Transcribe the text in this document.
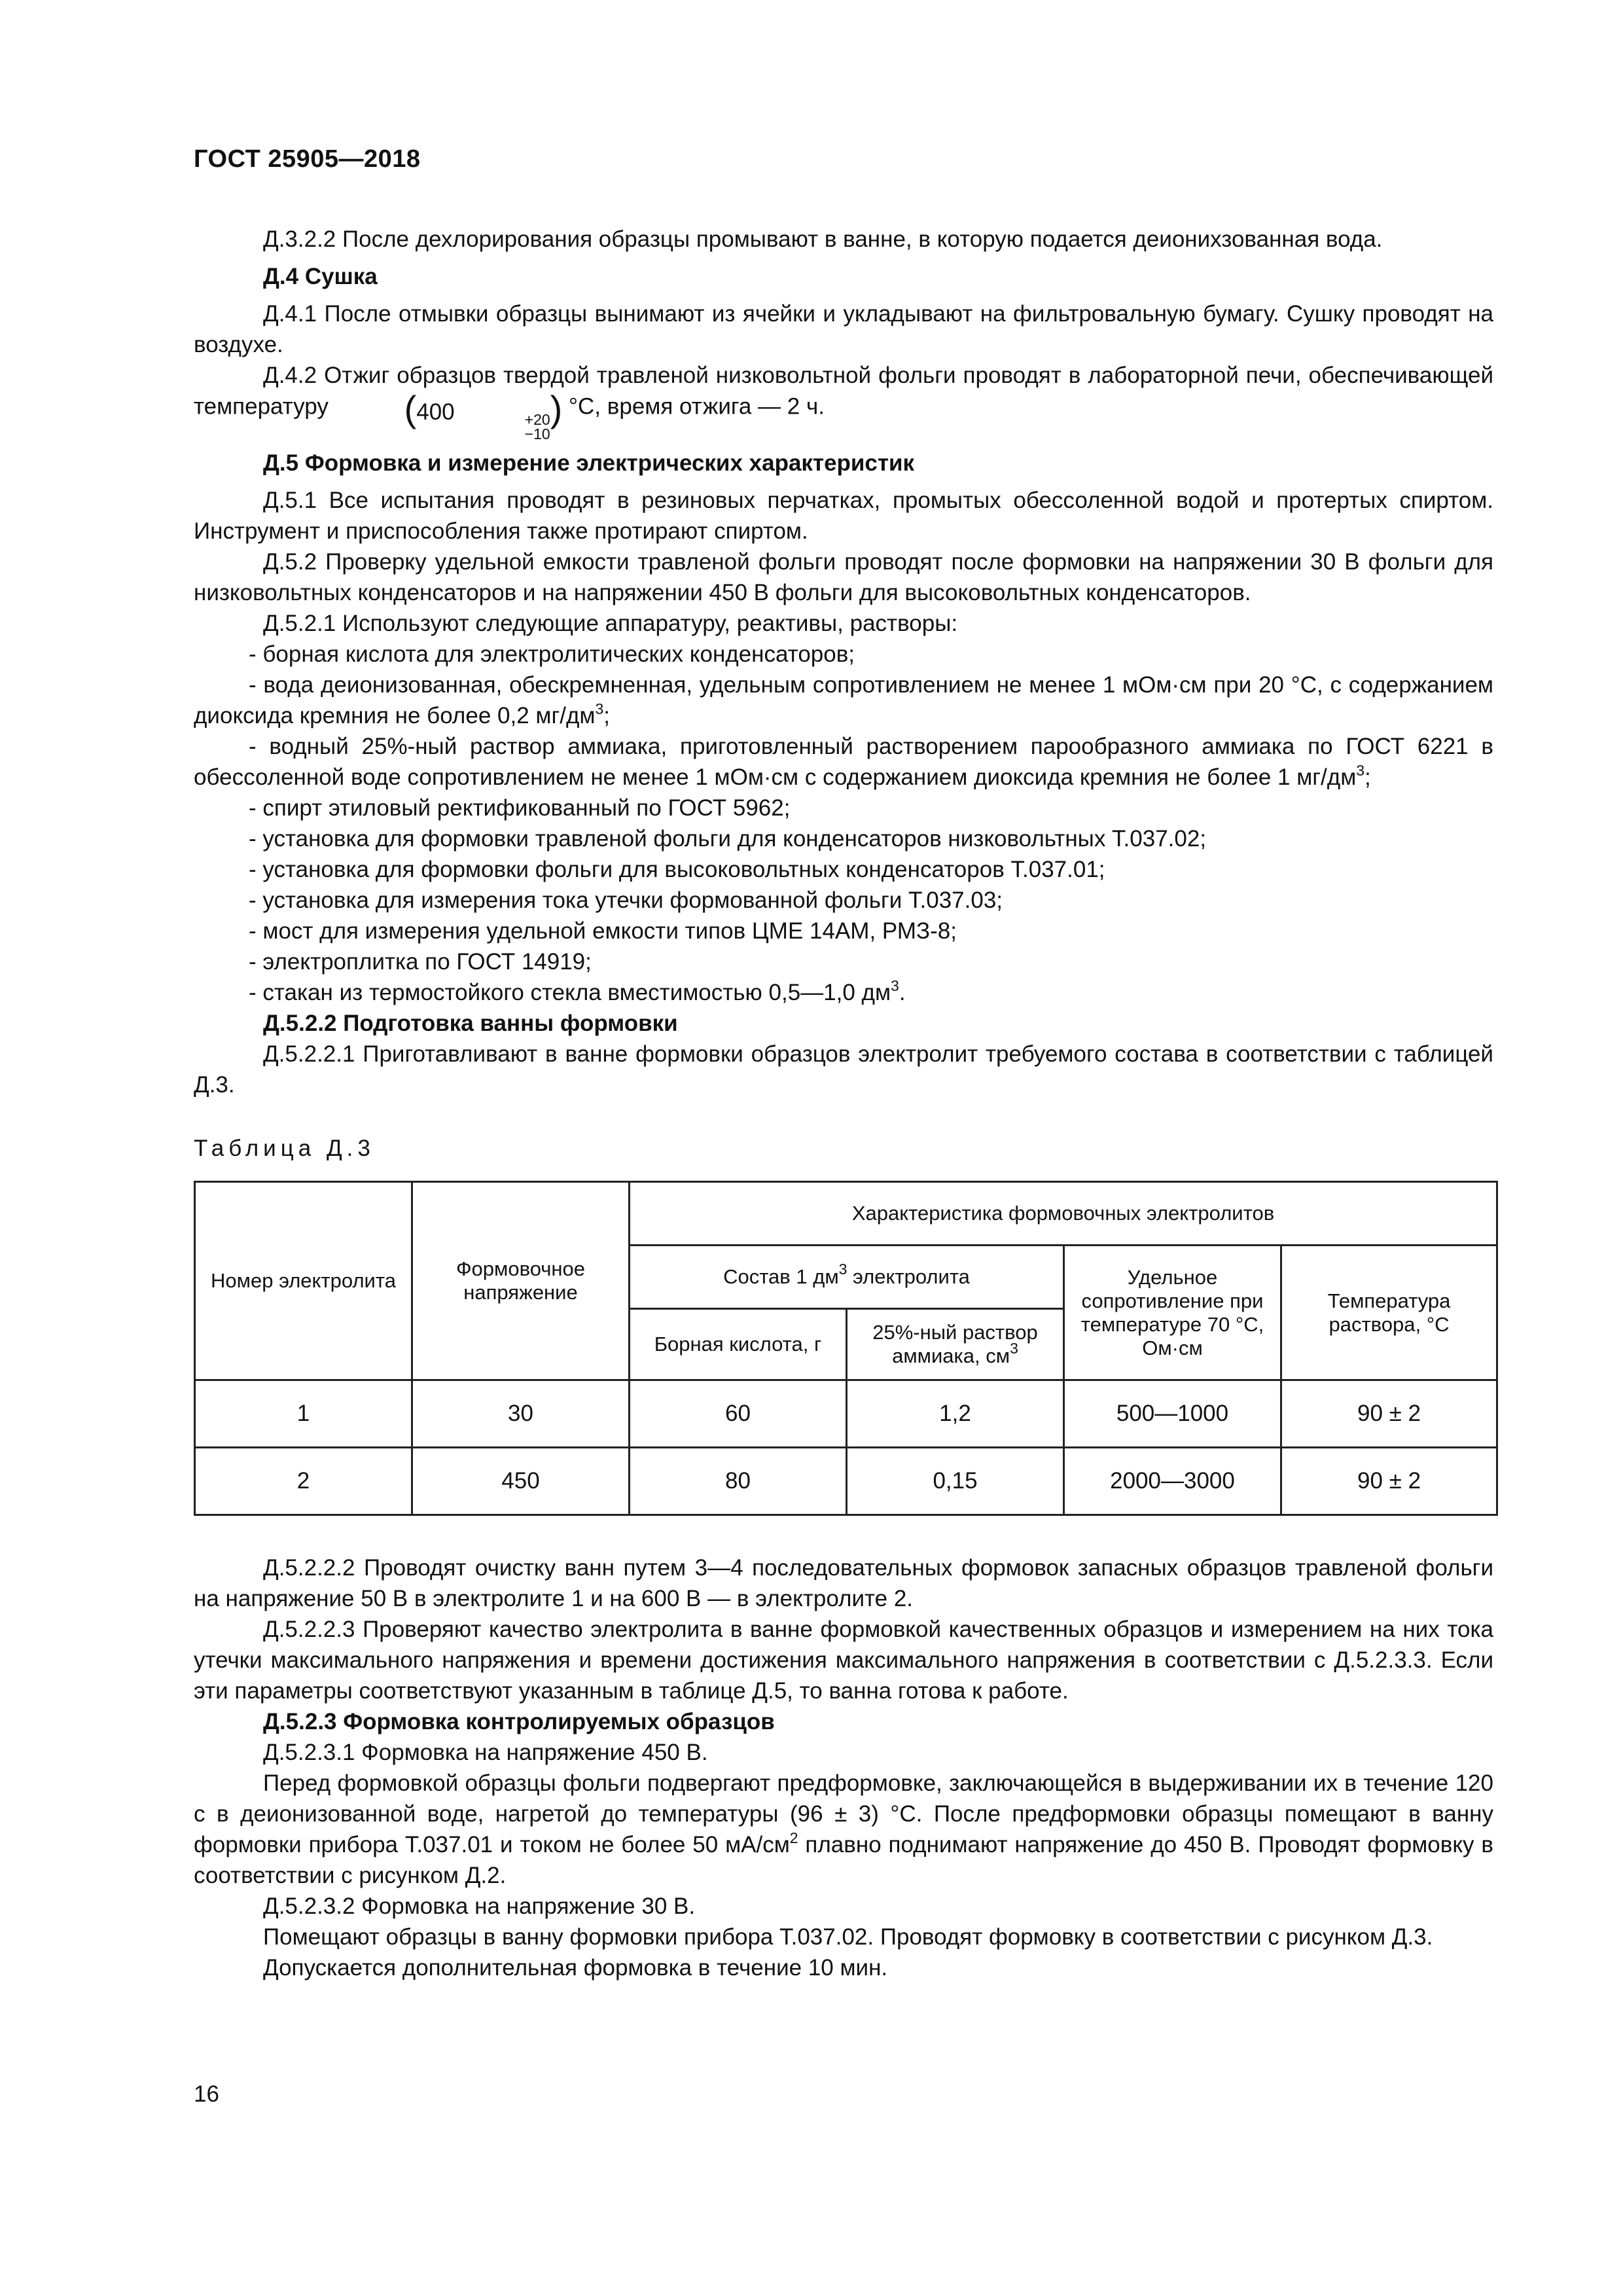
ГОСТ 25905—2018

Д.3.2.2 После дехлорирования образцы промывают в ванне, в которую подается деионихзованная вода.

Д.4 Сушка

Д.4.1 После отмывки образцы вынимают из ячейки и укладывают на фильтровальную бумагу. Сушку проводят на воздухе.

Д.4.2 Отжиг образцов твердой травленой низковольтной фольги проводят в лабораторной печи, обеспечивающей температуру (400	+20
−10
) °С, время отжига — 2 ч.

Д.5 Формовка и измерение электрических характеристик

Д.5.1 Все испытания проводят в резиновых перчатках, промытых обессоленной водой и протертых спиртом. Инструмент и приспособления также протирают спиртом.

Д.5.2 Проверку удельной емкости травленой фольги проводят после формовки на напряжении 30 В фольги для низковольтных конденсаторов и на напряжении 450 В фольги для высоковольтных конденсаторов.

Д.5.2.1 Используют следующие аппаратуру, реактивы, растворы:

- борная кислота для электролитических конденсаторов;

- вода деионизованная, обескремненная, удельным сопротивлением не менее 1 мОм·см при 20 °С, с содержанием диоксида кремния не более 0,2 $мг/дм^3$;

- водный 25%-ный раствор аммиака, приготовленный растворением парообразного аммиака по ГОСТ 6221 в обессоленной воде сопротивлением не менее 1 мОм·см с содержанием диоксида кремния не более 1 $мг/дм^3$;

- спирт этиловый ректификованный по ГОСТ 5962;

- установка для формовки травленой фольги для конденсаторов низковольтных Т.037.02;

- установка для формовки фольги для высоковольтных конденсаторов Т.037.01;

- установка для измерения тока утечки формованной фольги Т.037.03;

- мост для измерения удельной емкости типов ЦМЕ 14АМ, РМЗ-8;

- электроплитка по ГОСТ 14919;

- стакан из термостойкого стекла вместимостью 0,5—1,0 $дм^3$.

Д.5.2.2 Подготовка ванны формовки

Д.5.2.2.1 Приготавливают в ванне формовки образцов электролит требуемого состава в соответствии с таблицей Д.3.

Таблица Д.3
Номер электролита	Формовочное напряжение	Характеристика формовочных электролитов			
		Состав 1 $дм^3$ электролита		Удельное сопротивление при температуре 70 °С, Ом·см	Температура раствора, °С
		Борная кислота, г	25%-ный раствор аммиака, $см^3$
1	30	60	1,2	500—1000	90 ± 2
2	450	80	0,15	2000—3000	90 ± 2

Д.5.2.2.2 Проводят очистку ванн путем 3—4 последовательных формовок запасных образцов травленой фольги на напряжение 50 В в электролите 1 и на 600 В — в электролите 2.

Д.5.2.2.3 Проверяют качество электролита в ванне формовкой качественных образцов и измерением на них тока утечки максимального напряжения и времени достижения максимального напряжения в соответствии с Д.5.2.3.3. Если эти параметры соответствуют указанным в таблице Д.5, то ванна готова к работе.

Д.5.2.3 Формовка контролируемых образцов

Д.5.2.3.1 Формовка на напряжение 450 В.

Перед формовкой образцы фольги подвергают предформовке, заключающейся в выдерживании их в течение 120 с в деионизованной воде, нагретой до температуры (96 ± 3) °С. После предформовки образцы помещают в ванну формовки прибора Т.037.01 и током не более 50 $мА/см^2$ плавно поднимают напряжение до 450 В. Проводят формовку в соответствии с рисунком Д.2.

Д.5.2.3.2 Формовка на напряжение 30 В.

Помещают образцы в ванну формовки прибора Т.037.02. Проводят формовку в соответствии с рисунком Д.3.

Допускается дополнительная формовка в течение 10 мин.

16
